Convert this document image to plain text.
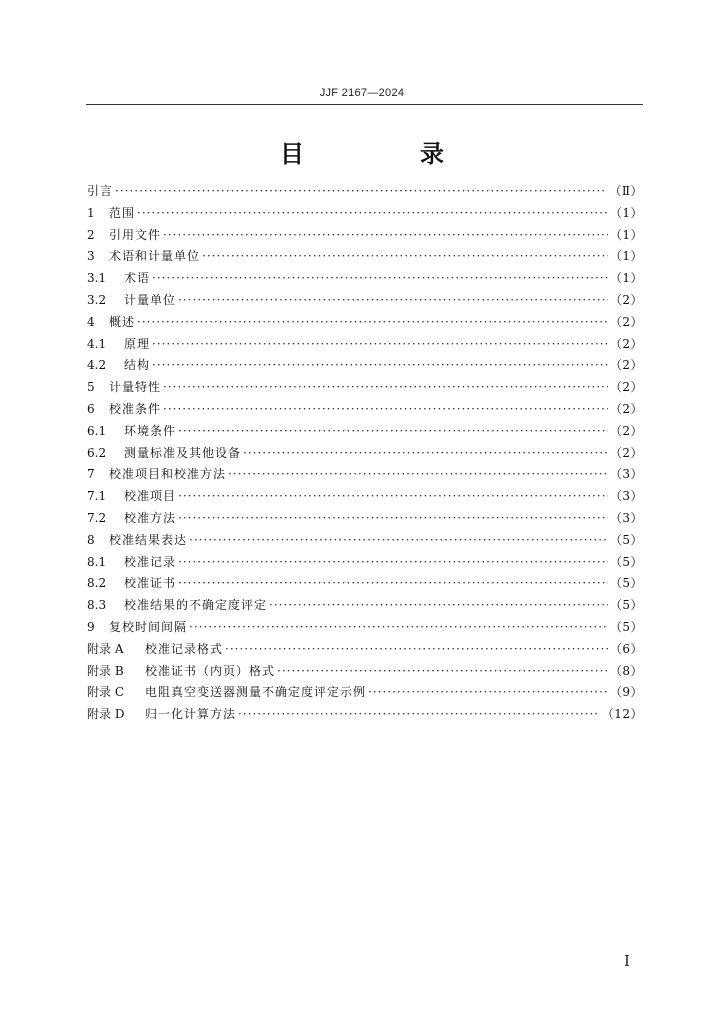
JJF 2167—2024
目　录
引言 ·····	（Ⅱ）
1	范围 ·····	（1）
2	引用文件 ·····	（1）
3	术语和计量单位 ·····	（1）
3.1	术语 ·····	（1）
3.2	计量单位 ·····	（2）
4	概述 ·····	（2）
4.1	原理 ·····	（2）
4.2	结构 ·····	（2）
5	计量特性 ·····	（2）
6	校准条件 ·····	（2）
6.1	环境条件 ·····	（2）
6.2	测量标准及其他设备 ·····	（2）
7	校准项目和校准方法 ·····	（3）
7.1	校准项目 ·····	（3）
7.2	校准方法 ·····	（3）
8	校准结果表达 ·····	（5）
8.1	校准记录 ·····	（5）
8.2	校准证书 ·····	（5）
8.3	校准结果的不确定度评定 ·····	（5）
9	复校时间间隔 ·····	（5）
附录 A	校准记录格式 ·····	（6）
附录 B	校准证书（内页）格式 ·····	（8）
附录 C	电阻真空变送器测量不确定度评定示例 ·····	（9）
附录 D	归一化计算方法 ·····	（12）
Ⅰ
